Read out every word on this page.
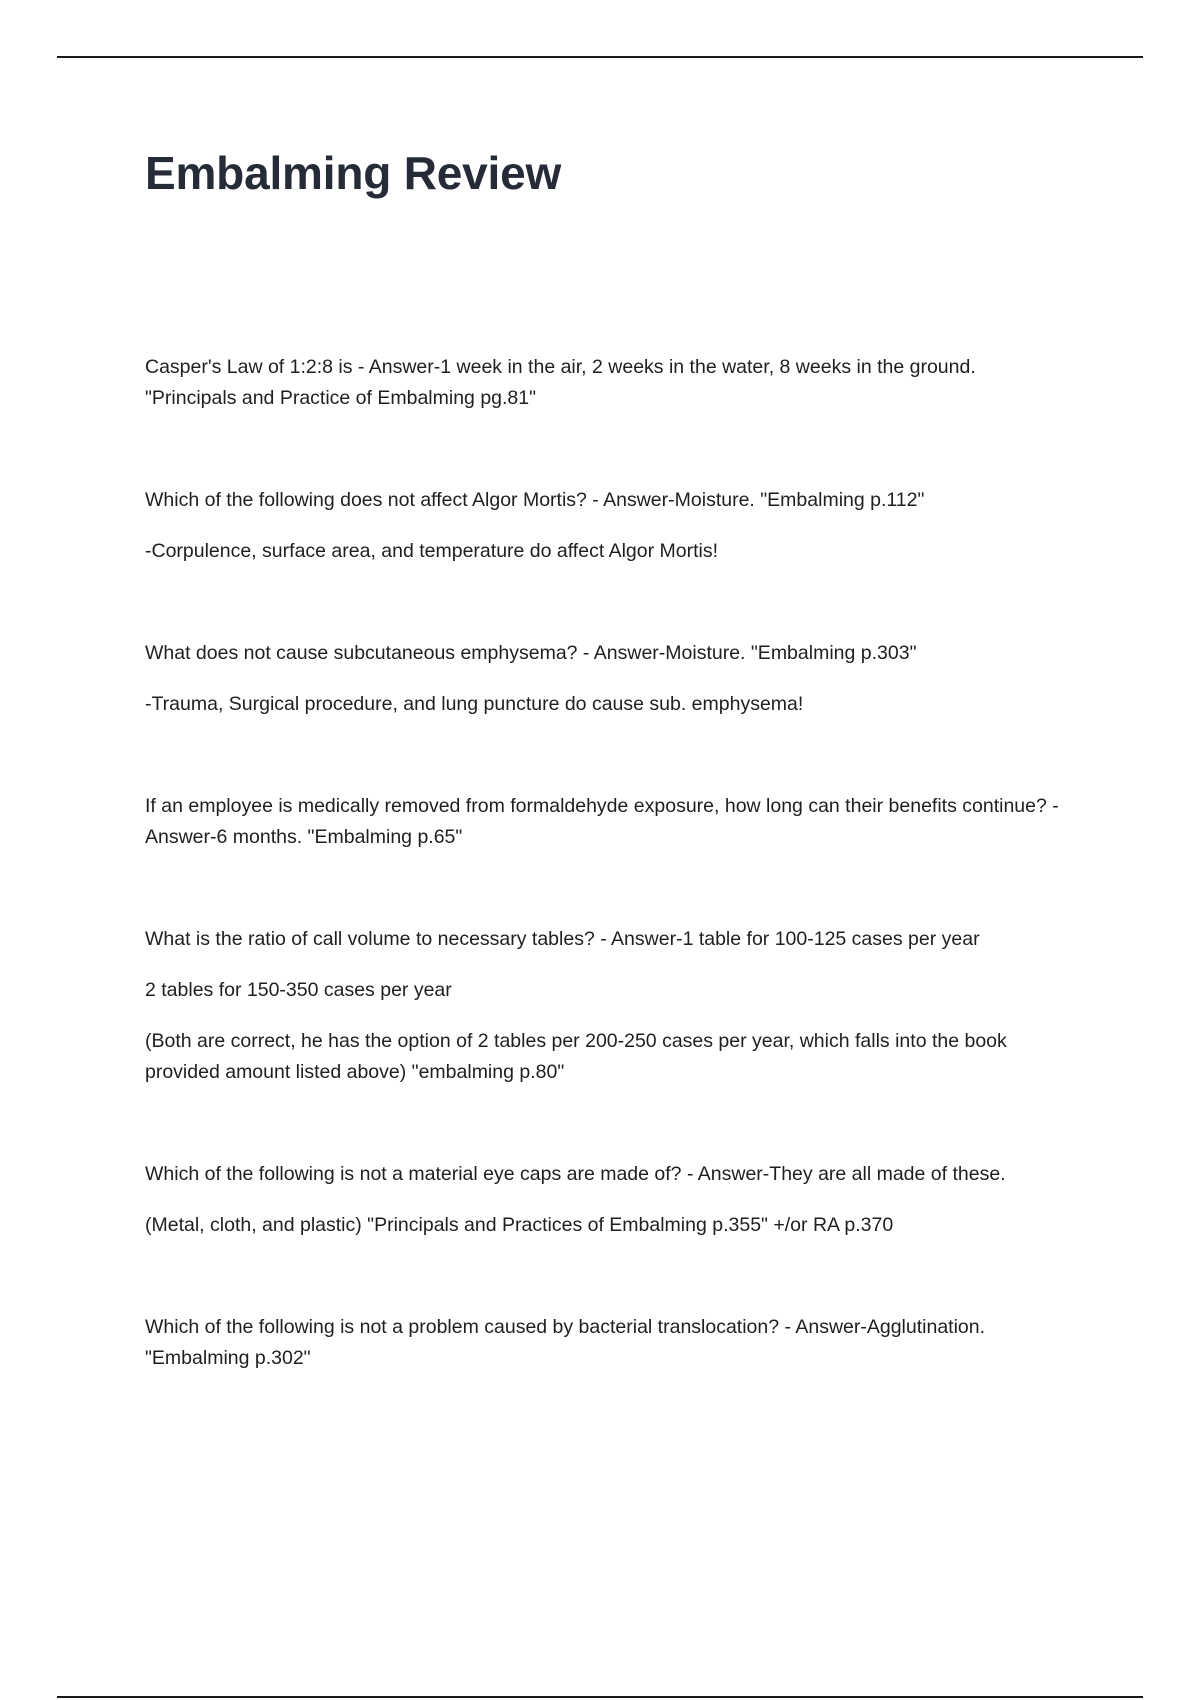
Embalming Review

Casper's Law of 1:2:8 is - Answer-1 week in the air, 2 weeks in the water, 8 weeks in the ground. "Principals and Practice of Embalming pg.81"

Which of the following does not affect Algor Mortis? - Answer-Moisture. "Embalming p.112"

-Corpulence, surface area, and temperature do affect Algor Mortis!

What does not cause subcutaneous emphysema? - Answer-Moisture. "Embalming p.303"

-Trauma, Surgical procedure, and lung puncture do cause sub. emphysema!

If an employee is medically removed from formaldehyde exposure, how long can their benefits continue? - Answer-6 months. "Embalming p.65"

What is the ratio of call volume to necessary tables? - Answer-1 table for 100-125 cases per year

2 tables for 150-350 cases per year

(Both are correct, he has the option of 2 tables per 200-250 cases per year, which falls into the book provided amount listed above) "embalming p.80"

Which of the following is not a material eye caps are made of? - Answer-They are all made of these.

(Metal, cloth, and plastic) "Principals and Practices of Embalming p.355" +/or RA p.370

Which of the following is not a problem caused by bacterial translocation? - Answer-Agglutination. "Embalming p.302"
